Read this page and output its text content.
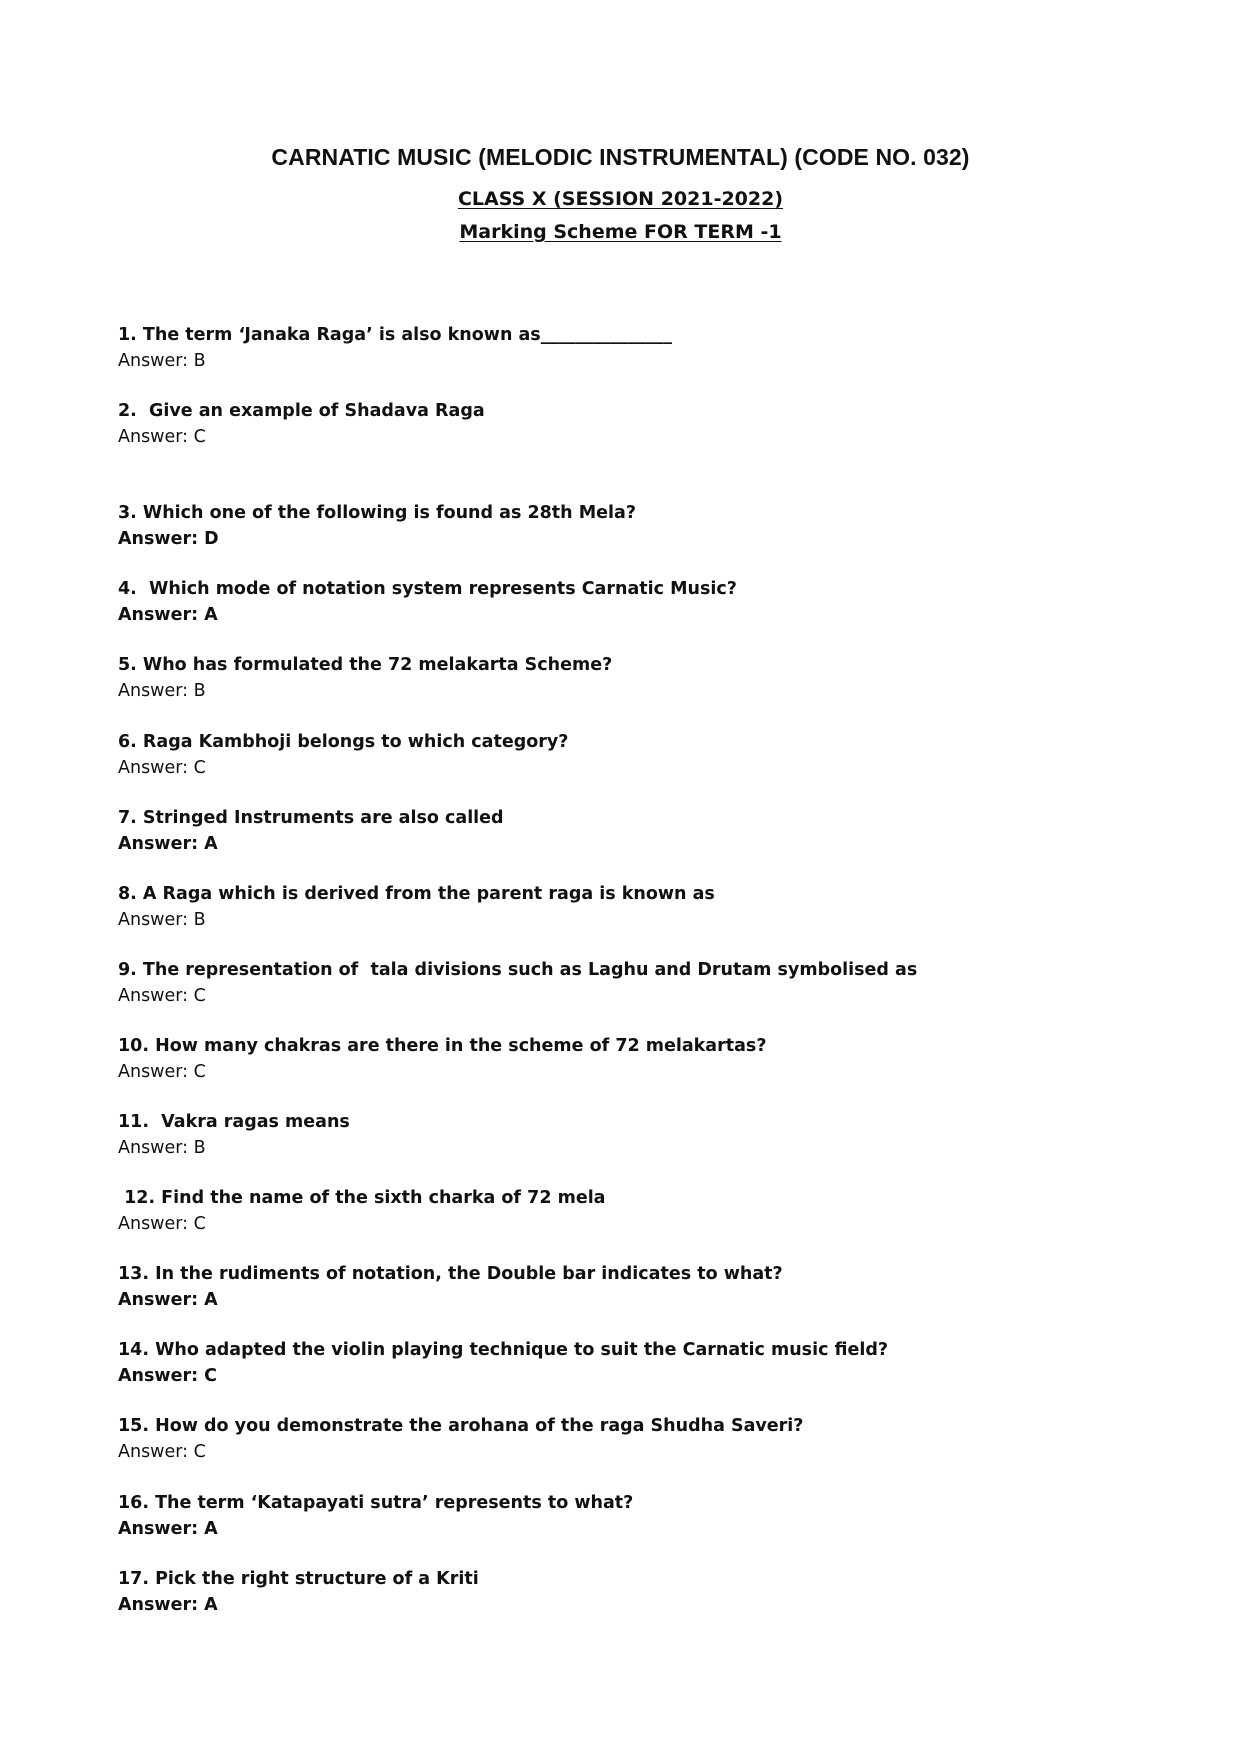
CARNATIC MUSIC (MELODIC INSTRUMENTAL) (CODE NO. 032)
CLASS X (SESSION 2021-2022)
Marking Scheme FOR TERM -1
1. The term ‘Janaka Raga’ is also known as_______________
Answer: B
2.  Give an example of Shadava Raga
Answer: C
3. Which one of the following is found as 28th Mela?
Answer: D
4.  Which mode of notation system represents Carnatic Music?
Answer: A
5. Who has formulated the 72 melakarta Scheme?
Answer: B
6. Raga Kambhoji belongs to which category?
Answer: C
7. Stringed Instruments are also called
Answer: A
8. A Raga which is derived from the parent raga is known as
Answer: B
9. The representation of  tala divisions such as Laghu and Drutam symbolised as
Answer: C
10. How many chakras are there in the scheme of 72 melakartas?
Answer: C
11.  Vakra ragas means
Answer: B
12. Find the name of the sixth charka of 72 mela
Answer: C
13. In the rudiments of notation, the Double bar indicates to what?
Answer: A
14. Who adapted the violin playing technique to suit the Carnatic music field?
Answer: C
15. How do you demonstrate the arohana of the raga Shudha Saveri?
Answer: C
16. The term ‘Katapayati sutra’ represents to what?
Answer: A
17. Pick the right structure of a Kriti
Answer: A
